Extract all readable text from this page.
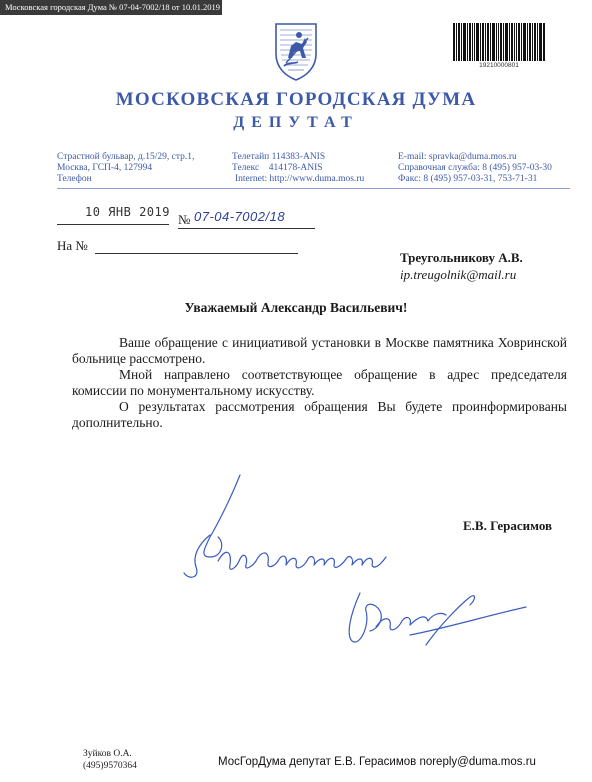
Московская городская Дума № 07-04-7002/18 от 10.01.2019
19210000801
МОСКОВСКАЯ ГОРОДСКАЯ ДУМА
ДЕПУТАТ
Страстной бульвар, д.15/29, стр.1,
Москва, ГСП-4, 127994
Телефон
Телетайп 114383-ANIS
Телекс    414178-ANIS
Internet: http://www.duma.mos.ru
E-mail: spravka@duma.mos.ru
Справочная служба: 8 (495) 957-03-30
Факс: 8 (495) 957-03-31, 753-71-31
10 ЯНВ 2019 № 07-04-7002/18
На №
Треугольникову А.В.
ip.treugolnik@mail.ru
Уважаемый Александр Васильевич!

Ваше обращение с инициативой установки в Москве памятника Ховринской больнице рассмотрено.

Мной направлено соответствующее обращение в адрес председателя комиссии по монументальному искусству.

О результатах рассмотрения обращения Вы будете проинформированы дополнительно.

Е.В. Герасимов
Зуйков О.А.
(495)9570364	МосГорДума депутат Е.В. Герасимов noreply@duma.mos.ru
